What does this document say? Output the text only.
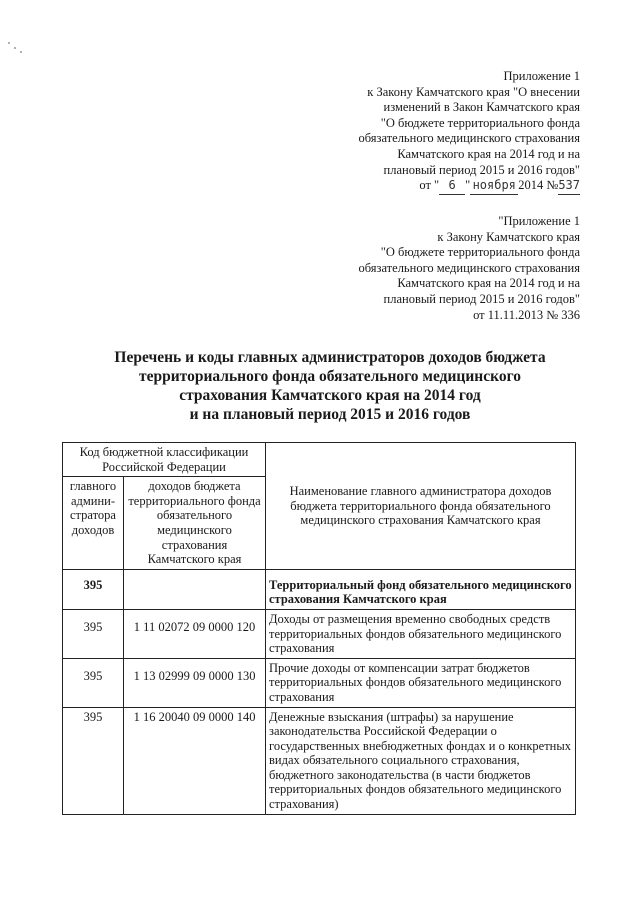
Приложение 1
к Закону Камчатского края "О внесении
изменений в Закон Камчатского края
"О бюджете территориального фонда
обязательного медицинского страхования
Камчатского края на 2014 год и на
плановый период 2015 и 2016 годов"
от " 6 " ноября 2014 №537
"Приложение 1
к Закону Камчатского края
"О бюджете территориального фонда
обязательного медицинского страхования
Камчатского края на 2014 год и на
плановый период 2015 и 2016 годов"
от 11.11.2013 № 336
Перечень и коды главных администраторов доходов бюджета
территориального фонда обязательного медицинского
страхования Камчатского края на 2014 год
и на плановый период 2015 и 2016 годов
Код бюджетной классификации Российской Федерации		Наименование главного администратора доходов бюджета территориального фонда обязательного медицинского страхования Камчатского края
главного админи-стратора доходов	доходов бюджета территориального фонда обязательного медицинского страхования Камчатского края	
395		Территориальный фонд обязательного медицинского страхования Камчатского края
395	1 11 02072 09 0000 120	Доходы от размещения временно свободных средств территориальных фондов обязательного медицинского страхования
395	1 13 02999 09 0000 130	Прочие доходы от компенсации затрат бюджетов территориальных фондов обязательного медицинского страхования
395	1 16 20040 09 0000 140	Денежные взыскания (штрафы) за нарушение законодательства Российской Федерации о государственных внебюджетных фондах и о конкретных видах обязательного социального страхования, бюджетного законодательства (в части бюджетов территориальных фондов обязательного медицинского страхования)
